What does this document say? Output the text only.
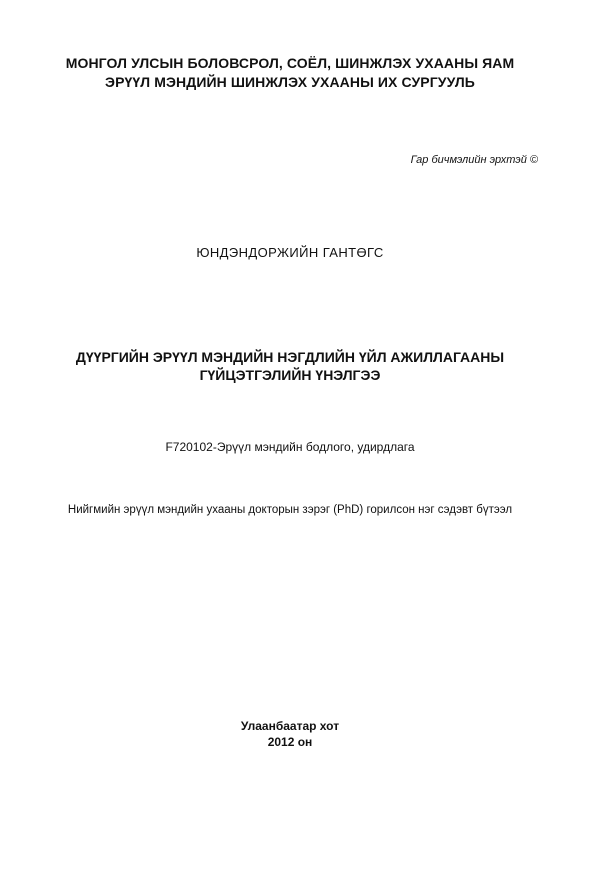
МОНГОЛ УЛСЫН БОЛОВСРОЛ, СОЁЛ, ШИНЖЛЭХ УХААНЫ ЯАМ
ЭРҮҮЛ МЭНДИЙН ШИНЖЛЭХ УХААНЫ ИХ СУРГУУЛЬ
Гар бичмэлийн эрхтэй ©
ЮНДЭНДОРЖИЙН ГАНТӨГС
ДҮҮРГИЙН ЭРҮҮЛ МЭНДИЙН НЭГДЛИЙН ҮЙЛ АЖИЛЛАГААНЫ
ГҮЙЦЭТГЭЛИЙН ҮНЭЛГЭЭ
F720102-Эрүүл мэндийн бодлого, удирдлага
Нийгмийн эрүүл мэндийн ухааны докторын зэрэг (PhD) горилсон нэг сэдэвт бүтээл
Улаанбаатар хот
2012 он
